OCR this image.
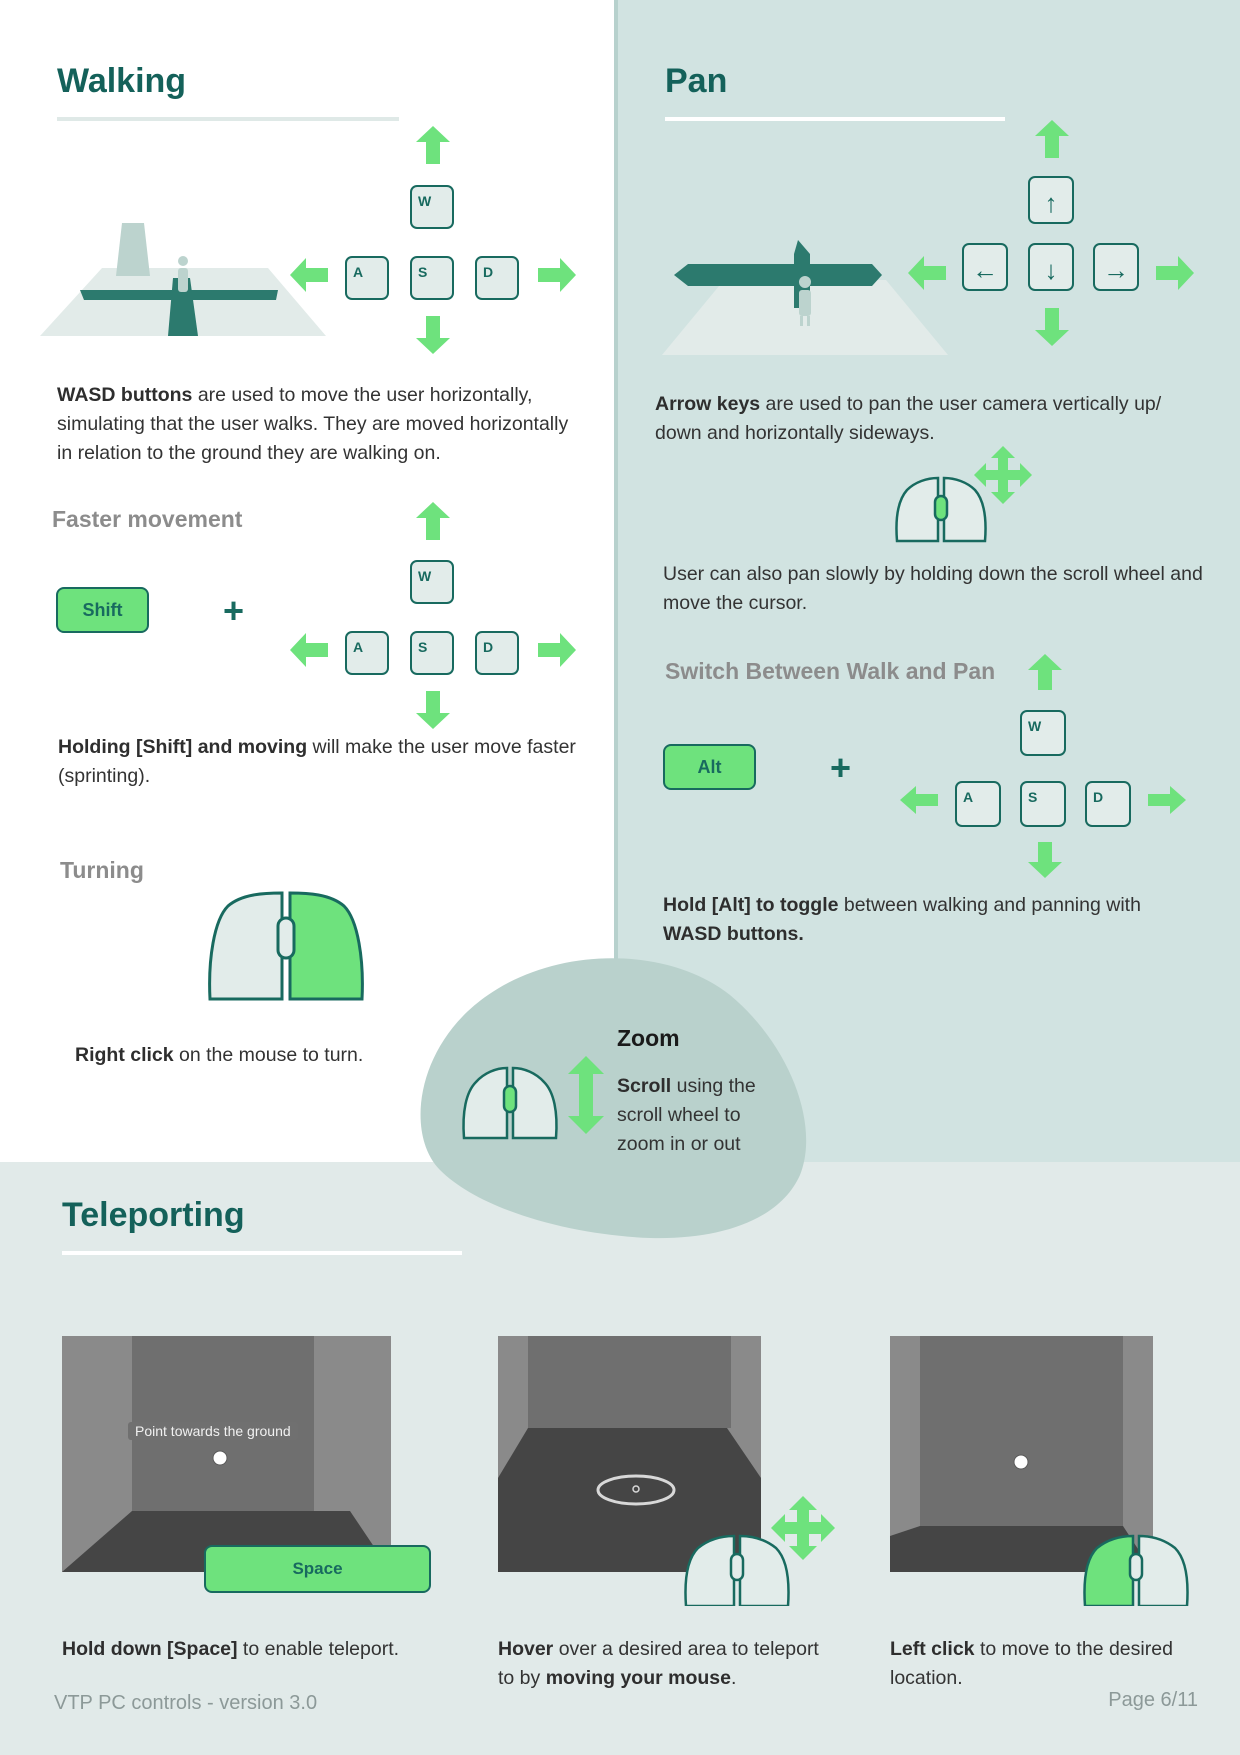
Walking
W
A	S	D

WASD buttons are used to move the user horizontally, simulating that the user walks. They are moved horizontally in relation to the ground they are walking on.

Faster movement
Shift	+
W
A	S	D

Holding [Shift] and moving will make the user move faster (sprinting).

Turning

Right click on the mouse to turn.

Pan
↑
←	↓	→

Arrow keys are used to pan the user camera vertically up/ down and horizontally sideways.

User can also pan slowly by holding down the scroll wheel and move the cursor.

Switch Between Walk and Pan
Alt	+
W
A	S	D

Hold [Alt] to toggle between walking and panning with WASD buttons.

Zoom

Scroll using the scroll wheel to zoom in or out

Teleporting
Point towards the ground
Space

Hold down [Space] to enable teleport.	Hover over a desired area to teleport to by moving your mouse.

Left click to move to the desired location.

VTP PC controls - version 3.0	Page 6/11
